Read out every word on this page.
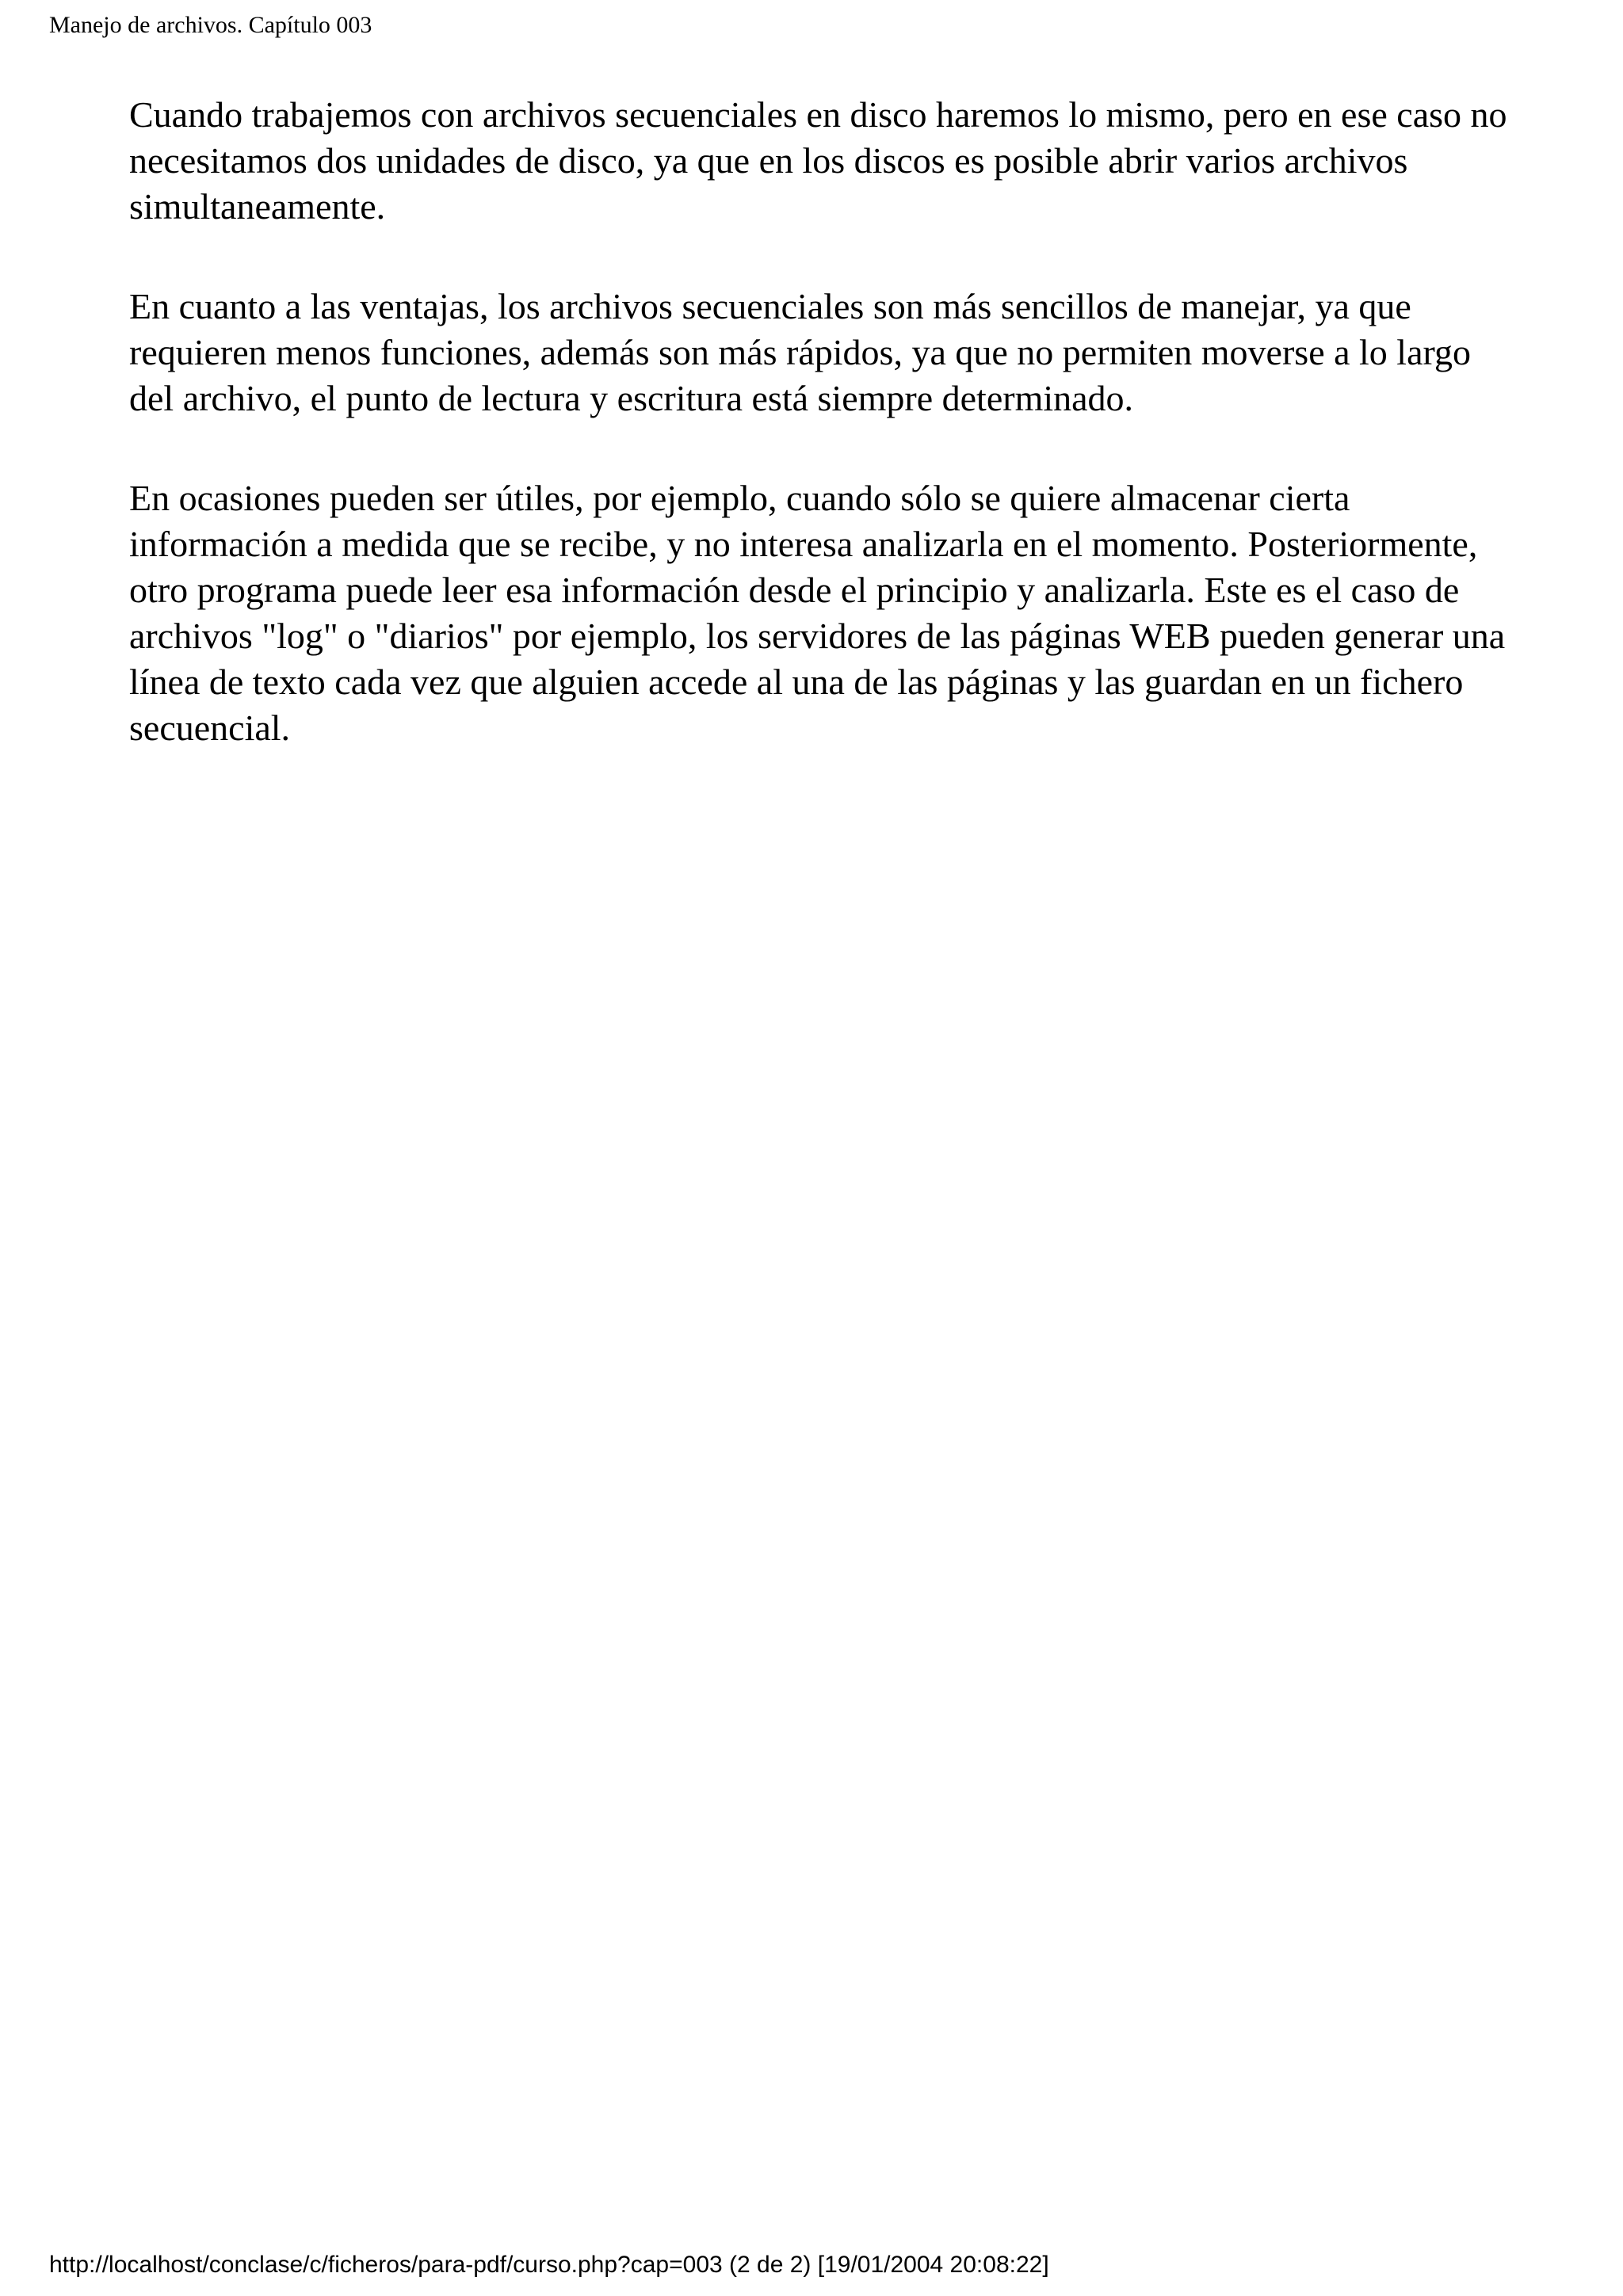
Manejo de archivos. Capítulo 003

Cuando trabajemos con archivos secuenciales en disco haremos lo mismo, pero en ese caso no necesitamos dos unidades de disco, ya que en los discos es posible abrir varios archivos simultaneamente.

En cuanto a las ventajas, los archivos secuenciales son más sencillos de manejar, ya que requieren menos funciones, además son más rápidos, ya que no permiten moverse a lo largo del archivo, el punto de lectura y escritura está siempre determinado.

En ocasiones pueden ser útiles, por ejemplo, cuando sólo se quiere almacenar cierta información a medida que se recibe, y no interesa analizarla en el momento. Posteriormente, otro programa puede leer esa información desde el principio y analizarla. Este es el caso de archivos "log" o "diarios" por ejemplo, los servidores de las páginas WEB pueden generar una línea de texto cada vez que alguien accede al una de las páginas y las guardan en un fichero secuencial.

http://localhost/conclase/c/ficheros/para-pdf/curso.php?cap=003 (2 de 2) [19/01/2004 20:08:22]
